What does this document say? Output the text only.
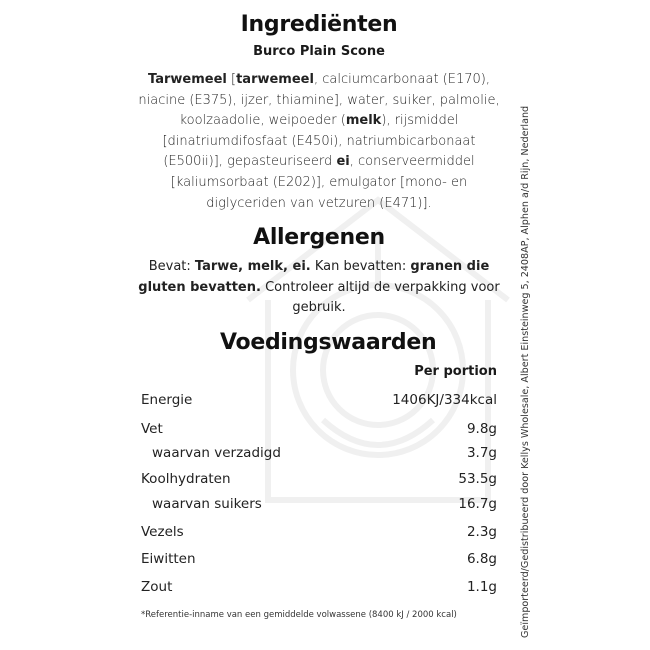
Ingrediënten
Burco Plain Scone
Tarwemeel [tarwemeel, calciumcarbonaat (E170), niacine (E375), ijzer, thiamine], water, suiker, palmolie, koolzaadolie, weipoeder (melk), rijsmiddel [dinatriumdifosfaat (E450i), natriumbicarbonaat (E500ii)], gepasteuriseerd ei, conserveermiddel [kaliumsorbaat (E202)], emulgator [mono- en diglyceriden van vetzuren (E471)].
Allergenen
Bevat: Tarwe, melk, ei. Kan bevatten: granen die gluten bevatten. Controleer altijd de verpakking voor gebruik.
Voedingswaarden
Per portion
Energie	1406KJ/334kcal
Vet	9.8g
waarvan verzadigd	3.7g
Koolhydraten	53.5g
waarvan suikers	16.7g
Vezels	2.3g
Eiwitten	6.8g
Zout	1.1g
*Referentie-inname van een gemiddelde volwassene (8400 kJ / 2000 kcal)	Geïmporteerd/Gedistribueerd door Kellys Wholesale, Albert Einsteinweg 5, 2408AP, Alphen a/d Rijn, Nederland
